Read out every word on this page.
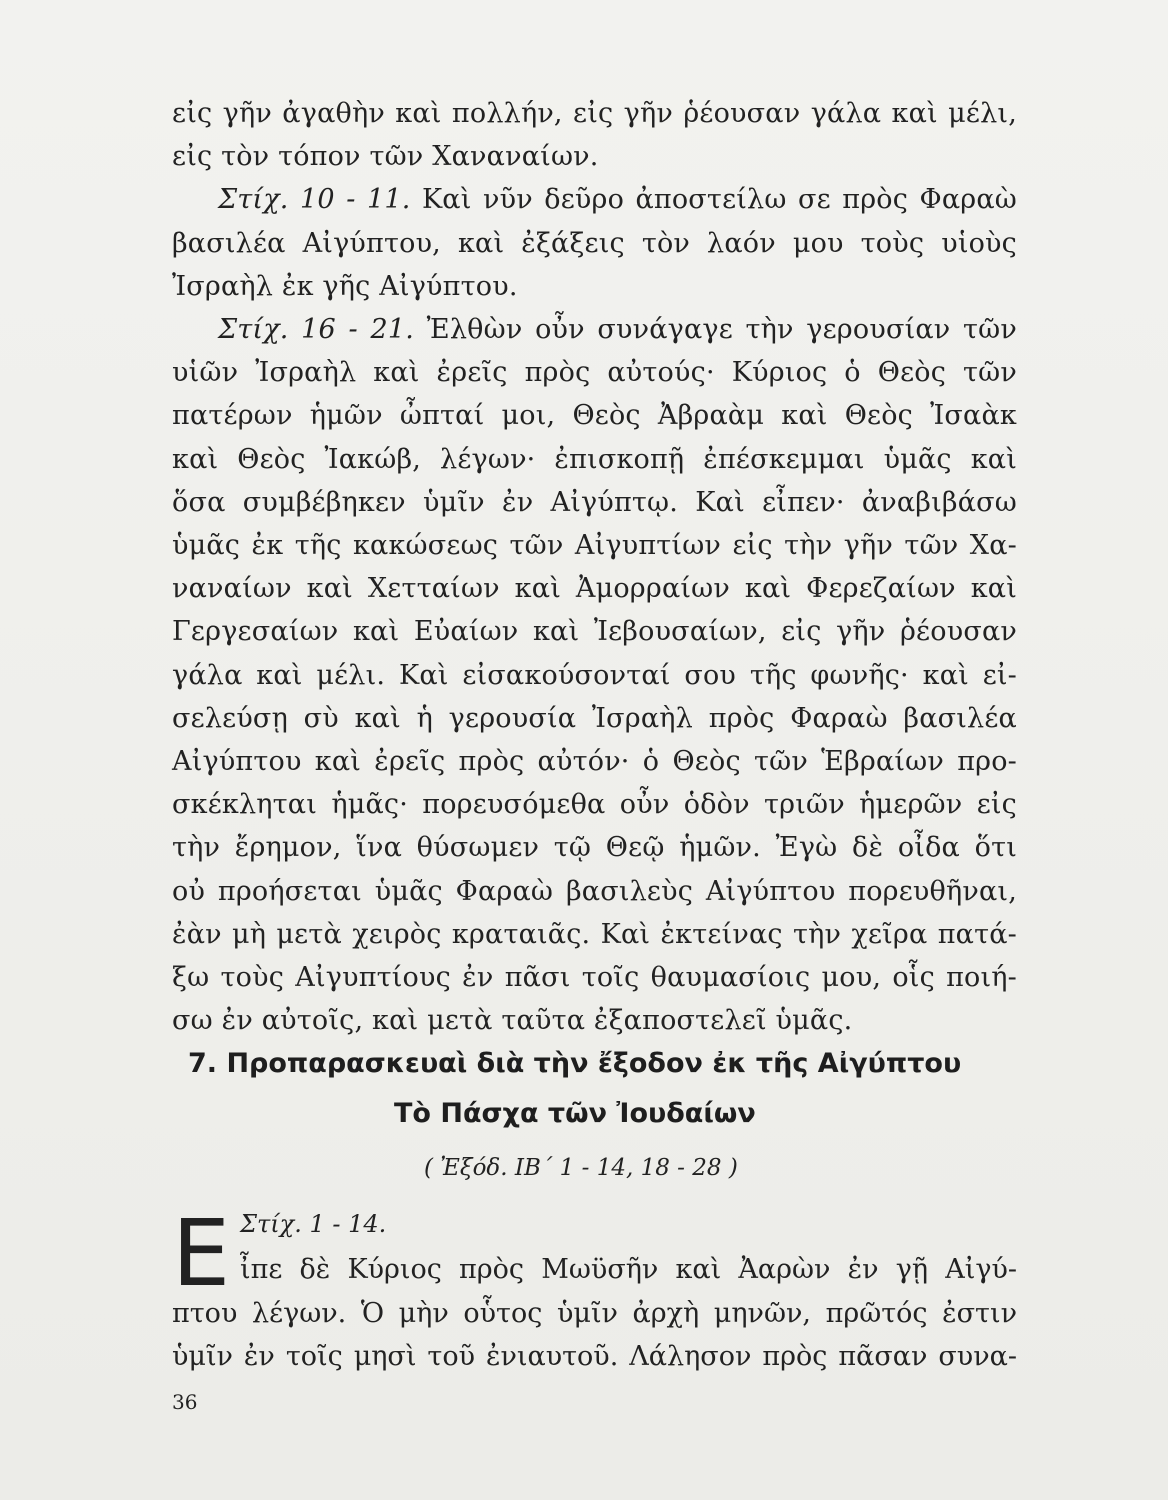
εἰς γῆν ἀγαθὴν καὶ πολλήν, εἰς γῆν ῥέουσαν γάλα καὶ μέλι,
εἰς τὸν τόπον τῶν Χαναναίων.
Στίχ. 10 - 11. Καὶ νῦν δεῦρο ἀποστείλω σε πρὸς Φαραὼ
βασιλέα Αἰγύπτου, καὶ ἐξάξεις τὸν λαόν μου τοὺς υἱοὺς
Ἰσραὴλ ἐκ γῆς Αἰγύπτου.
Στίχ. 16 - 21. Ἐλθὼν οὖν συνάγαγε τὴν γερουσίαν τῶν
υἱῶν Ἰσραὴλ καὶ ἐρεῖς πρὸς αὐτούς· Κύριος ὁ Θεὸς τῶν
πατέρων ἡμῶν ὦπταί μοι, Θεὸς Ἀβραὰμ καὶ Θεὸς Ἰσαὰκ
καὶ Θεὸς Ἰακώβ, λέγων· ἐπισκοπῇ ἐπέσκεμμαι ὑμᾶς καὶ
ὅσα συμβέβηκεν ὑμῖν ἐν Αἰγύπτῳ. Καὶ εἶπεν· ἀναβιβάσω
ὑμᾶς ἐκ τῆς κακώσεως τῶν Αἰγυπτίων εἰς τὴν γῆν τῶν Χα-
ναναίων καὶ Χετταίων καὶ Ἀμορραίων καὶ Φερεζαίων καὶ
Γεργεσαίων καὶ Εὐαίων καὶ Ἰεβουσαίων, εἰς γῆν ῥέουσαν
γάλα καὶ μέλι. Καὶ εἰσακούσονταί σου τῆς φωνῆς· καὶ εἰ-
σελεύσῃ σὺ καὶ ἡ γερουσία Ἰσραὴλ πρὸς Φαραὼ βασιλέα
Αἰγύπτου καὶ ἐρεῖς πρὸς αὐτόν· ὁ Θεὸς τῶν Ἑβραίων προ-
σκέκληται ἡμᾶς· πορευσόμεθα οὖν ὁδὸν τριῶν ἡμερῶν εἰς
τὴν ἔρημον, ἵνα θύσωμεν τῷ Θεῷ ἡμῶν. Ἐγὼ δὲ οἶδα ὅτι
οὐ προήσεται ὑμᾶς Φαραὼ βασιλεὺς Αἰγύπτου πορευθῆναι,
ἐὰν μὴ μετὰ χειρὸς κραταιᾶς. Καὶ ἐκτείνας τὴν χεῖρα πατά-
ξω τοὺς Αἰγυπτίους ἐν πᾶσι τοῖς θαυμασίοις μου, οἷς ποιή-
σω ἐν αὐτοῖς, καὶ μετὰ ταῦτα ἐξαποστελεῖ ὑμᾶς.
7. Προπαρασκευαὶ διὰ τὴν ἔξοδον ἐκ τῆς Αἰγύπτου
Τὸ Πάσχα τῶν Ἰουδαίων
( Ἐξόδ. ΙΒ΄ 1 - 14, 18 - 28 )
Ε Στίχ. 1 - 14.
ἶπε δὲ Κύριος πρὸς Μωϋσῆν καὶ Ἀαρὼν ἐν γῇ Αἰγύ-
πτου λέγων. Ὁ μὴν οὗτος ὑμῖν ἀρχὴ μηνῶν, πρῶτός ἐστιν
ὑμῖν ἐν τοῖς μησὶ τοῦ ἐνιαυτοῦ. Λάλησον πρὸς πᾶσαν συνα-
36
